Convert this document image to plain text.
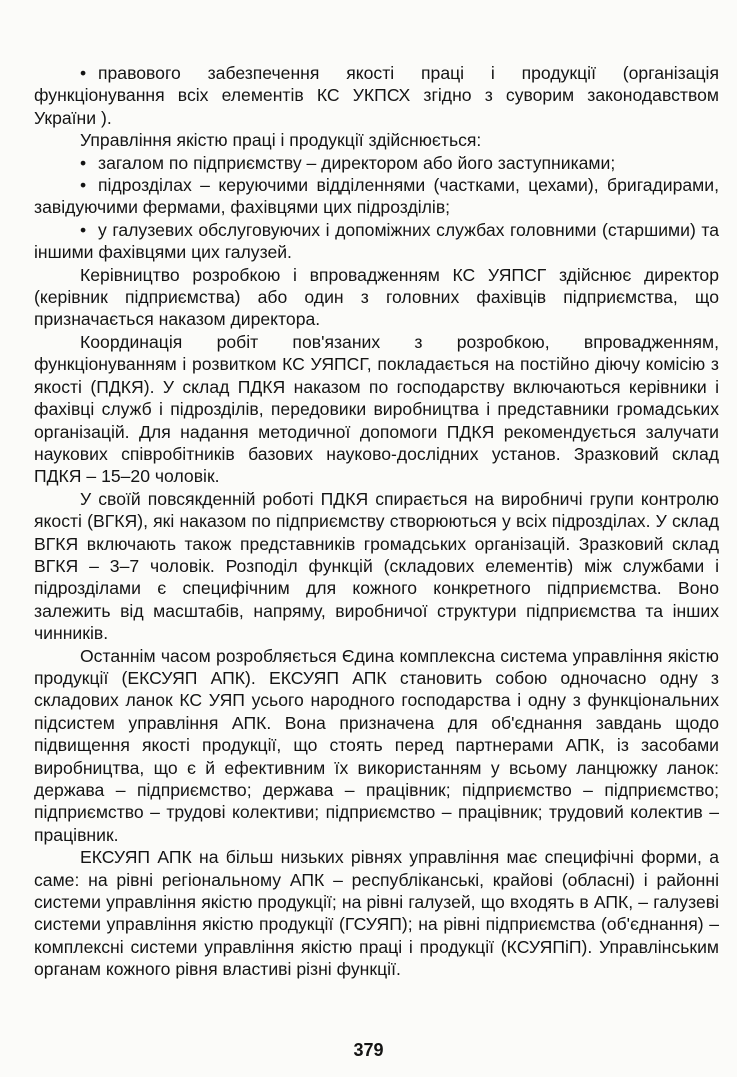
• правового забезпечення якості праці і продукції (організація функціонування всіх елементів КС УКПСХ згідно з суворим законодавством України ).

Управління якістю праці і продукції здійснюється:

• загалом по підприємству – директором або його заступниками;

• підрозділах – керуючими відділеннями (частками, цехами), бригадирами, завідуючими фермами, фахівцями цих підрозділів;

• у галузевих обслуговуючих і допоміжних службах головними (старшими) та іншими фахівцями цих галузей.

Керівництво розробкою і впровадженням КС УЯПСГ здійснює директор (керівник підприємства) або один з головних фахівців підприємства, що призначається наказом директора.

Координація робіт пов'язаних з розробкою, впровадженням, функціонуванням і розвитком КС УЯПСГ, покладається на постійно діючу комісію з якості (ПДКЯ). У склад ПДКЯ наказом по господарству включаються керівники і фахівці служб і підрозділів, передовики виробництва і представники громадських організацій. Для надання методичної допомоги ПДКЯ рекомендується залучати наукових співробітників базових науково-дослідних установ. Зразковий склад ПДКЯ – 15–20 чоловік.

У своїй повсякденній роботі ПДКЯ спирається на виробничі групи контролю якості (ВГКЯ), які наказом по підприємству створюються у всіх підрозділах. У склад ВГКЯ включають також представників громадських організацій. Зразковий склад ВГКЯ – 3–7 чоловік. Розподіл функцій (складових елементів) між службами і підрозділами є специфічним для кожного конкретного підприємства. Воно залежить від масштабів, напряму, виробничої структури підприємства та інших чинників.

Останнім часом розробляється Єдина комплексна система управління якістю продукції (ЕКСУЯП АПК). ЕКСУЯП АПК становить собою одночасно одну з складових ланок КС УЯП усього народного господарства і одну з функціональних підсистем управління АПК. Вона призначена для об'єднання завдань щодо підвищення якості продукції, що стоять перед партнерами АПК, із засобами виробництва, що є й ефективним їх використанням у всьому ланцюжку ланок: держава – підприємство; держава – працівник; підприємство – підприємство; підприємство – трудові колективи; підприємство – працівник; трудовий колектив – працівник.

ЕКСУЯП АПК на більш низьких рівнях управління має специфічні форми, а саме: на рівні регіональному АПК – республіканські, крайові (обласні) і районні системи управління якістю продукції; на рівні галузей, що входять в АПК, – галузеві системи управління якістю продукції (ГСУЯП); на рівні підприємства (об'єднання) – комплексні системи управління якістю праці і продукції (КСУЯПіП). Управлінським органам кожного рівня властиві різні функції.

379
